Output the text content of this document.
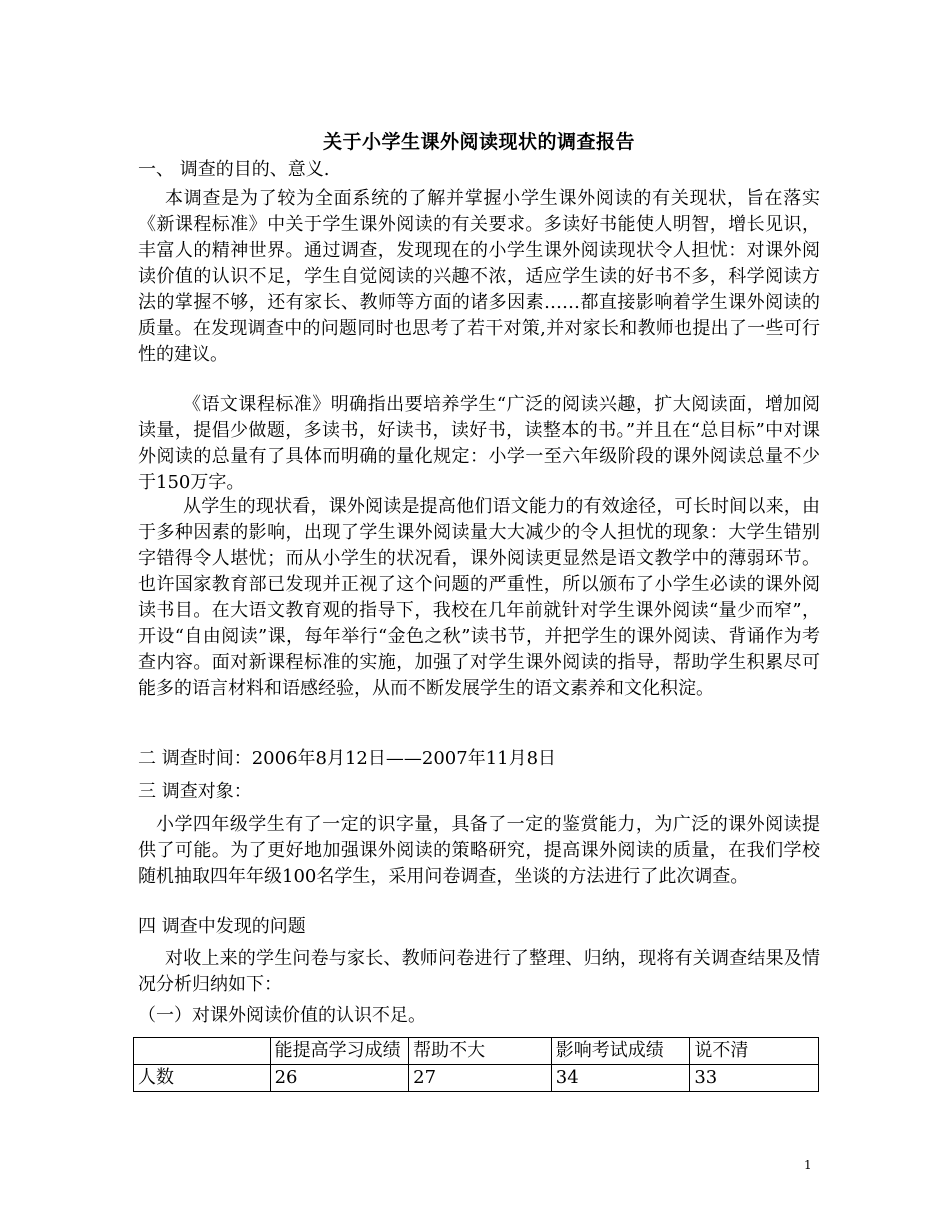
关于小学生课外阅读现状的调查报告
一、 调查的目的、意义.

本调查是为了较为全面系统的了解并掌握小学生课外阅读的有关现状，旨在落实《新课程标准》中关于学生课外阅读的有关要求。多读好书能使人明智，增长见识，丰富人的精神世界。通过调查，发现现在的小学生课外阅读现状令人担忧：对课外阅读价值的认识不足，学生自觉阅读的兴趣不浓，适应学生读的好书不多，科学阅读方法的掌握不够，还有家长、教师等方面的诸多因素……都直接影响着学生课外阅读的质量。在发现调查中的问题同时也思考了若干对策,并对家长和教师也提出了一些可行性的建议。

《语文课程标准》明确指出要培养学生“广泛的阅读兴趣，扩大阅读面，增加阅读量，提倡少做题，多读书，好读书，读好书，读整本的书。”并且在“总目标”中对课外阅读的总量有了具体而明确的量化规定：小学一至六年级阶段的课外阅读总量不少于150万字。

从学生的现状看，课外阅读是提高他们语文能力的有效途径，可长时间以来，由于多种因素的影响，出现了学生课外阅读量大大减少的令人担忧的现象：大学生错别字错得令人堪忧；而从小学生的状况看，课外阅读更显然是语文教学中的薄弱环节。也许国家教育部已发现并正视了这个问题的严重性，所以颁布了小学生必读的课外阅读书目。在大语文教育观的指导下，我校在几年前就针对学生课外阅读“量少而窄”，开设“自由阅读”课，每年举行“金色之秋”读书节，并把学生的课外阅读、背诵作为考查内容。面对新课程标准的实施，加强了对学生课外阅读的指导，帮助学生积累尽可能多的语言材料和语感经验，从而不断发展学生的语文素养和文化积淀。

二 调查时间：2006年8月12日——2007年11月8日
三 调查对象：

小学四年级学生有了一定的识字量，具备了一定的鉴赏能力，为广泛的课外阅读提供了可能。为了更好地加强课外阅读的策略研究，提高课外阅读的质量，在我们学校随机抽取四年年级100名学生，采用问卷调查，坐谈的方法进行了此次调查。

四 调查中发现的问题

对收上来的学生问卷与家长、教师问卷进行了整理、归纳，现将有关调查结果及情况分析归纳如下：

（一）对课外阅读价值的认识不足。
	能提高学习成绩	帮助不大	影响考试成绩	说不清
人数	26	27	34	33
1
